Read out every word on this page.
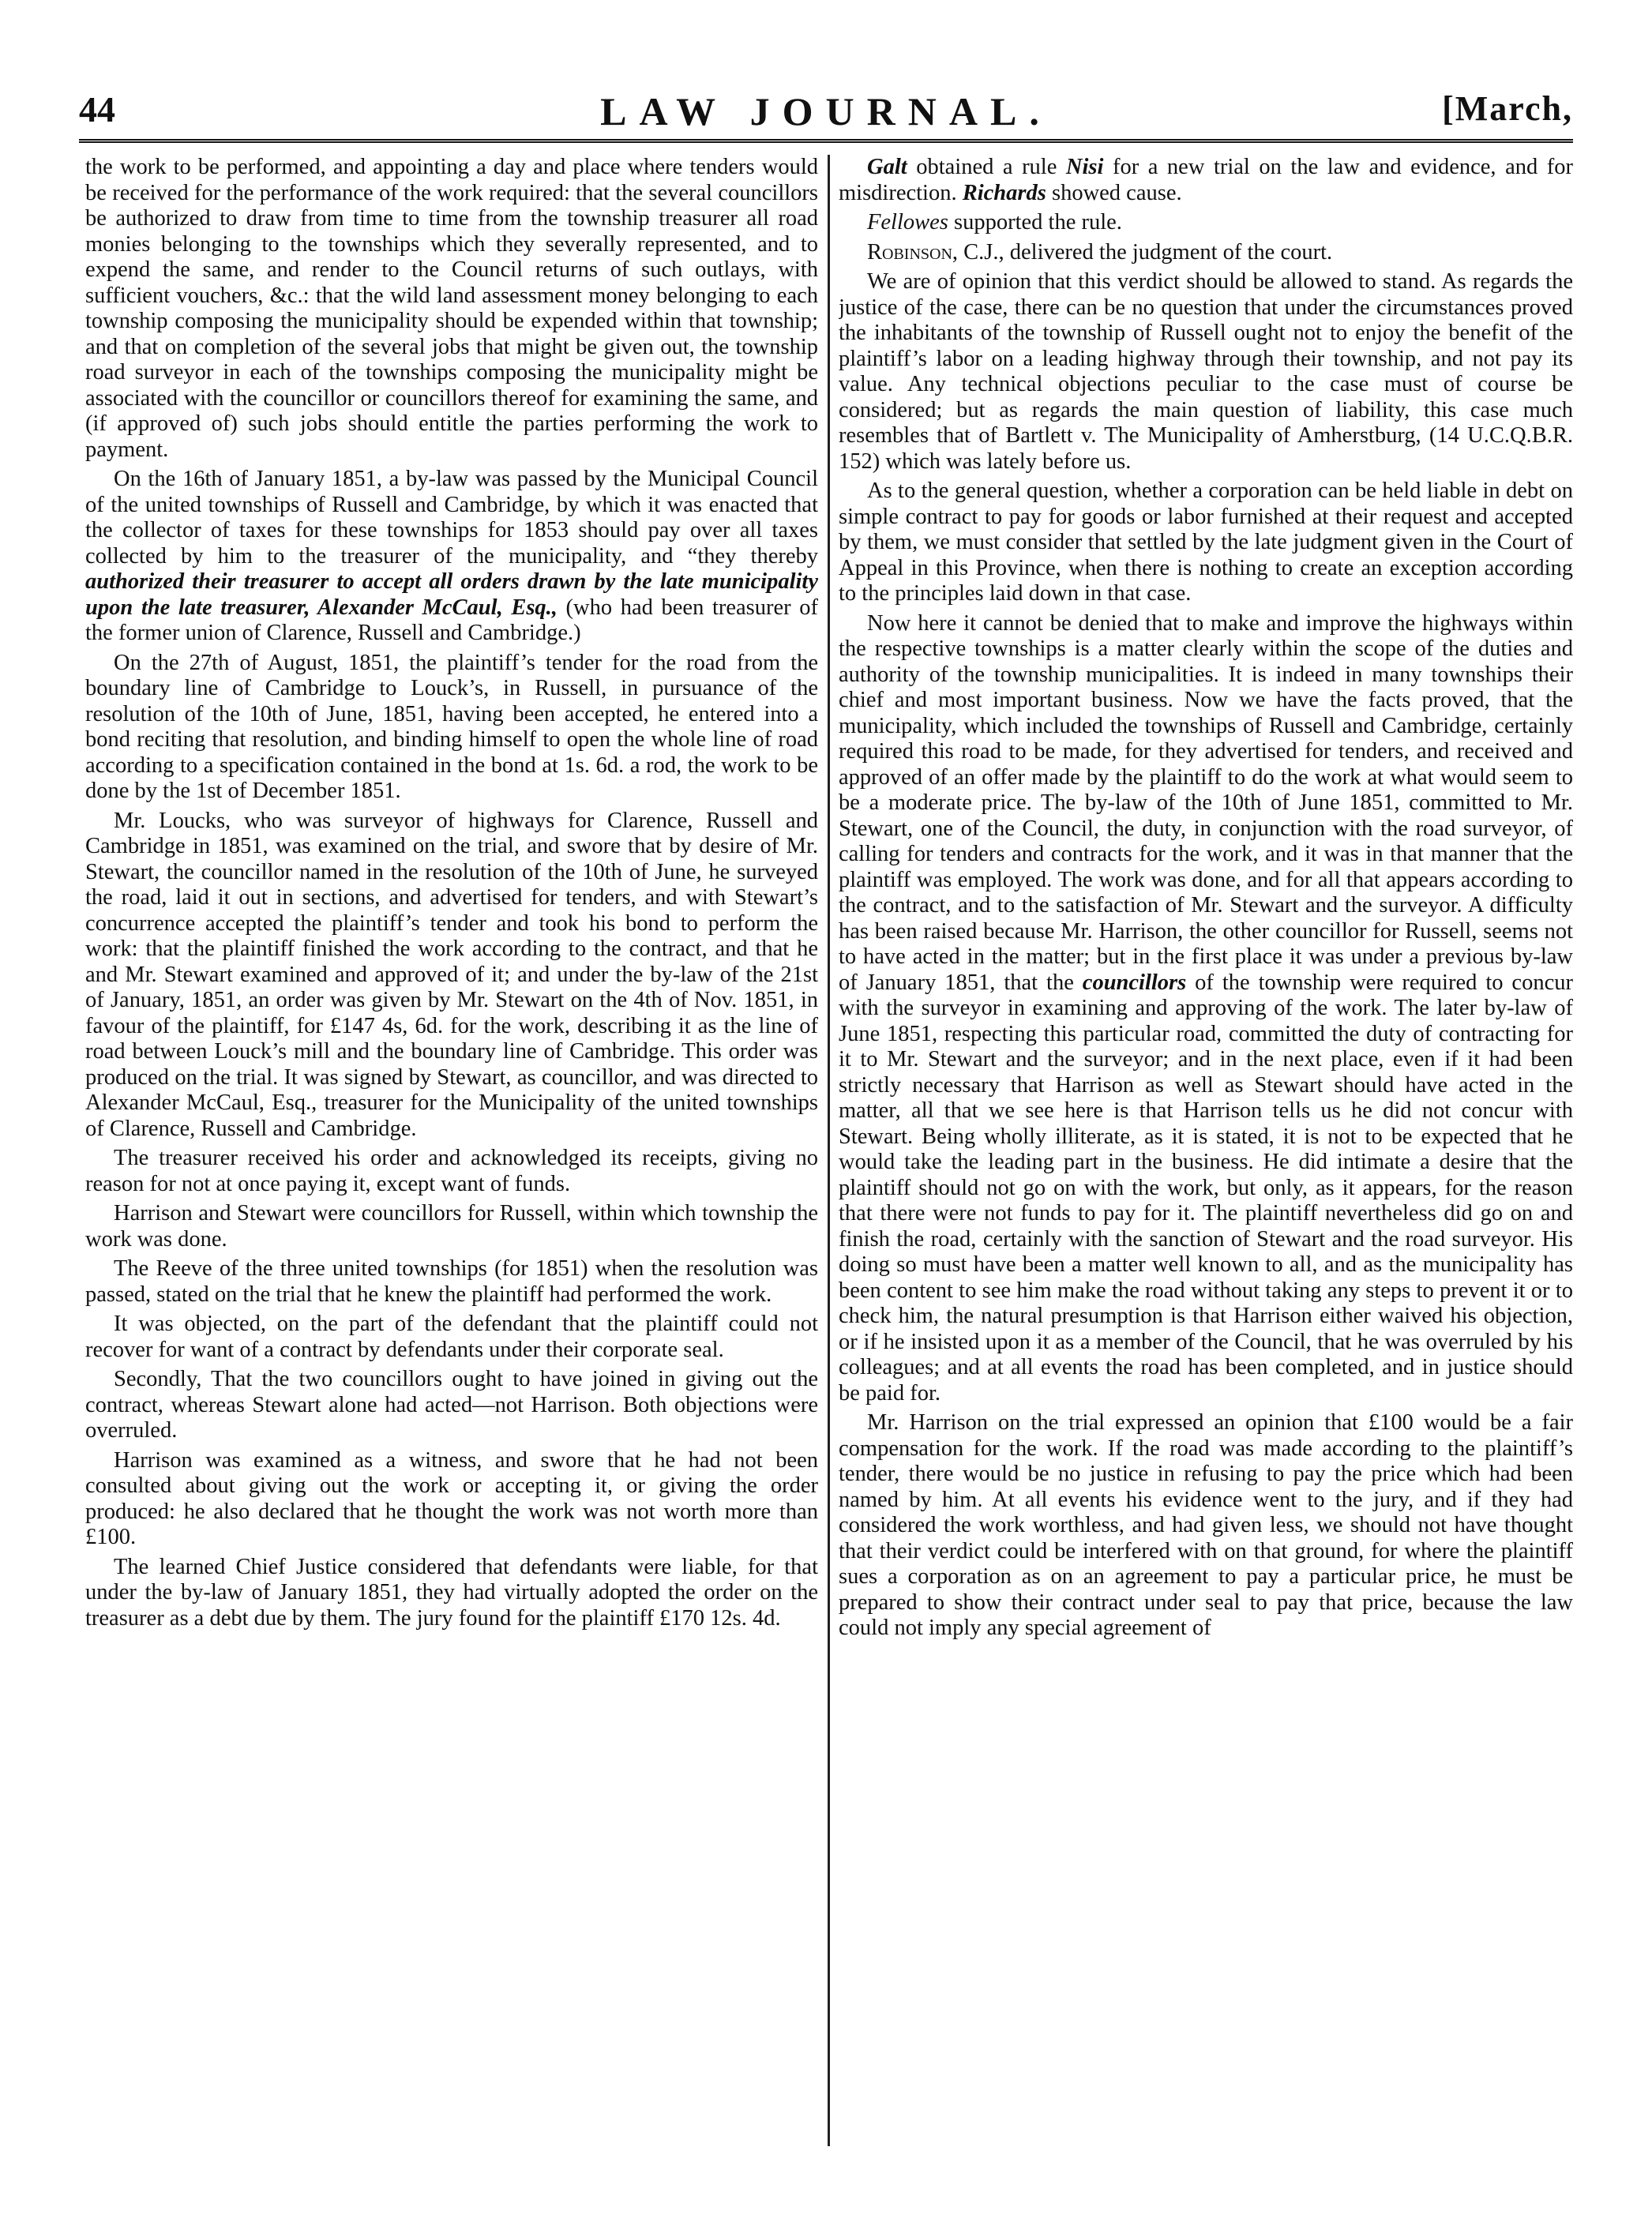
44	LAW JOURNAL.	[March,

the work to be performed, and appointing a day and place where tenders would be received for the performance of the work required: that the several councillors be authorized to draw from time to time from the township treasurer all road monies belonging to the townships which they severally represented, and to expend the same, and render to the Council returns of such outlays, with sufficient vouchers, &c.: that the wild land assessment money belonging to each township composing the municipality should be expended within that township; and that on completion of the several jobs that might be given out, the township road surveyor in each of the townships composing the municipality might be associated with the councillor or councillors thereof for examining the same, and (if approved of) such jobs should entitle the parties performing the work to payment.

On the 16th of January 1851, a by-law was passed by the Municipal Council of the united townships of Russell and Cambridge, by which it was enacted that the collector of taxes for these townships for 1853 should pay over all taxes collected by him to the treasurer of the municipality, and “they thereby authorized their treasurer to accept all orders drawn by the late municipality upon the late treasurer, Alexander McCaul, Esq., (who had been treasurer of the former union of Clarence, Russell and Cambridge.)

On the 27th of August, 1851, the plaintiff’s tender for the road from the boundary line of Cambridge to Louck’s, in Russell, in pursuance of the resolution of the 10th of June, 1851, having been accepted, he entered into a bond reciting that resolution, and binding himself to open the whole line of road according to a specification contained in the bond at 1s. 6d. a rod, the work to be done by the 1st of December 1851.

Mr. Loucks, who was surveyor of highways for Clarence, Russell and Cambridge in 1851, was examined on the trial, and swore that by desire of Mr. Stewart, the councillor named in the resolution of the 10th of June, he surveyed the road, laid it out in sections, and advertised for tenders, and with Stewart’s concurrence accepted the plaintiff’s tender and took his bond to perform the work: that the plaintiff finished the work according to the contract, and that he and Mr. Stewart examined and approved of it; and under the by-law of the 21st of January, 1851, an order was given by Mr. Stewart on the 4th of Nov. 1851, in favour of the plaintiff, for £147 4s, 6d. for the work, describing it as the line of road between Louck’s mill and the boundary line of Cambridge. This order was produced on the trial. It was signed by Stewart, as councillor, and was directed to Alexander McCaul, Esq., treasurer for the Municipality of the united townships of Clarence, Russell and Cambridge.

The treasurer received his order and acknowledged its receipts, giving no reason for not at once paying it, except want of funds.

Harrison and Stewart were councillors for Russell, within which township the work was done.

The Reeve of the three united townships (for 1851) when the resolution was passed, stated on the trial that he knew the plaintiff had performed the work.

It was objected, on the part of the defendant that the plaintiff could not recover for want of a contract by defendants under their corporate seal.

Secondly, That the two councillors ought to have joined in giving out the contract, whereas Stewart alone had acted—not Harrison. Both objections were overruled.

Harrison was examined as a witness, and swore that he had not been consulted about giving out the work or accepting it, or giving the order produced: he also declared that he thought the work was not worth more than £100.

The learned Chief Justice considered that defendants were liable, for that under the by-law of January 1851, they had virtually adopted the order on the treasurer as a debt due by them. The jury found for the plaintiff £170 12s. 4d.

Galt obtained a rule Nisi for a new trial on the law and evidence, and for misdirection. Richards showed cause.

Fellowes supported the rule.

Robinson, C.J., delivered the judgment of the court.

We are of opinion that this verdict should be allowed to stand. As regards the justice of the case, there can be no question that under the circumstances proved the inhabitants of the township of Russell ought not to enjoy the benefit of the plaintiff’s labor on a leading highway through their township, and not pay its value. Any technical objections peculiar to the case must of course be considered; but as regards the main question of liability, this case much resembles that of Bartlett v. The Municipality of Amherstburg, (14 U.C.Q.B.R. 152) which was lately before us.

As to the general question, whether a corporation can be held liable in debt on simple contract to pay for goods or labor furnished at their request and accepted by them, we must consider that settled by the late judgment given in the Court of Appeal in this Province, when there is nothing to create an exception according to the principles laid down in that case.

Now here it cannot be denied that to make and improve the highways within the respective townships is a matter clearly within the scope of the duties and authority of the township municipalities. It is indeed in many townships their chief and most important business. Now we have the facts proved, that the municipality, which included the townships of Russell and Cambridge, certainly required this road to be made, for they advertised for tenders, and received and approved of an offer made by the plaintiff to do the work at what would seem to be a moderate price. The by-law of the 10th of June 1851, committed to Mr. Stewart, one of the Council, the duty, in conjunction with the road surveyor, of calling for tenders and contracts for the work, and it was in that manner that the plaintiff was employed. The work was done, and for all that appears according to the contract, and to the satisfaction of Mr. Stewart and the surveyor. A difficulty has been raised because Mr. Harrison, the other councillor for Russell, seems not to have acted in the matter; but in the first place it was under a previous by-law of January 1851, that the councillors of the township were required to concur with the surveyor in examining and approving of the work. The later by-law of June 1851, respecting this particular road, committed the duty of contracting for it to Mr. Stewart and the surveyor; and in the next place, even if it had been strictly necessary that Harrison as well as Stewart should have acted in the matter, all that we see here is that Harrison tells us he did not concur with Stewart. Being wholly illiterate, as it is stated, it is not to be expected that he would take the leading part in the business. He did intimate a desire that the plaintiff should not go on with the work, but only, as it appears, for the reason that there were not funds to pay for it. The plaintiff nevertheless did go on and finish the road, certainly with the sanction of Stewart and the road surveyor. His doing so must have been a matter well known to all, and as the municipality has been content to see him make the road without taking any steps to prevent it or to check him, the natural presumption is that Harrison either waived his objection, or if he insisted upon it as a member of the Council, that he was overruled by his colleagues; and at all events the road has been completed, and in justice should be paid for.

Mr. Harrison on the trial expressed an opinion that £100 would be a fair compensation for the work. If the road was made according to the plaintiff’s tender, there would be no justice in refusing to pay the price which had been named by him. At all events his evidence went to the jury, and if they had considered the work worthless, and had given less, we should not have thought that their verdict could be interfered with on that ground, for where the plaintiff sues a corporation as on an agreement to pay a particular price, he must be prepared to show their contract under seal to pay that price, because the law could not imply any special agreement of
